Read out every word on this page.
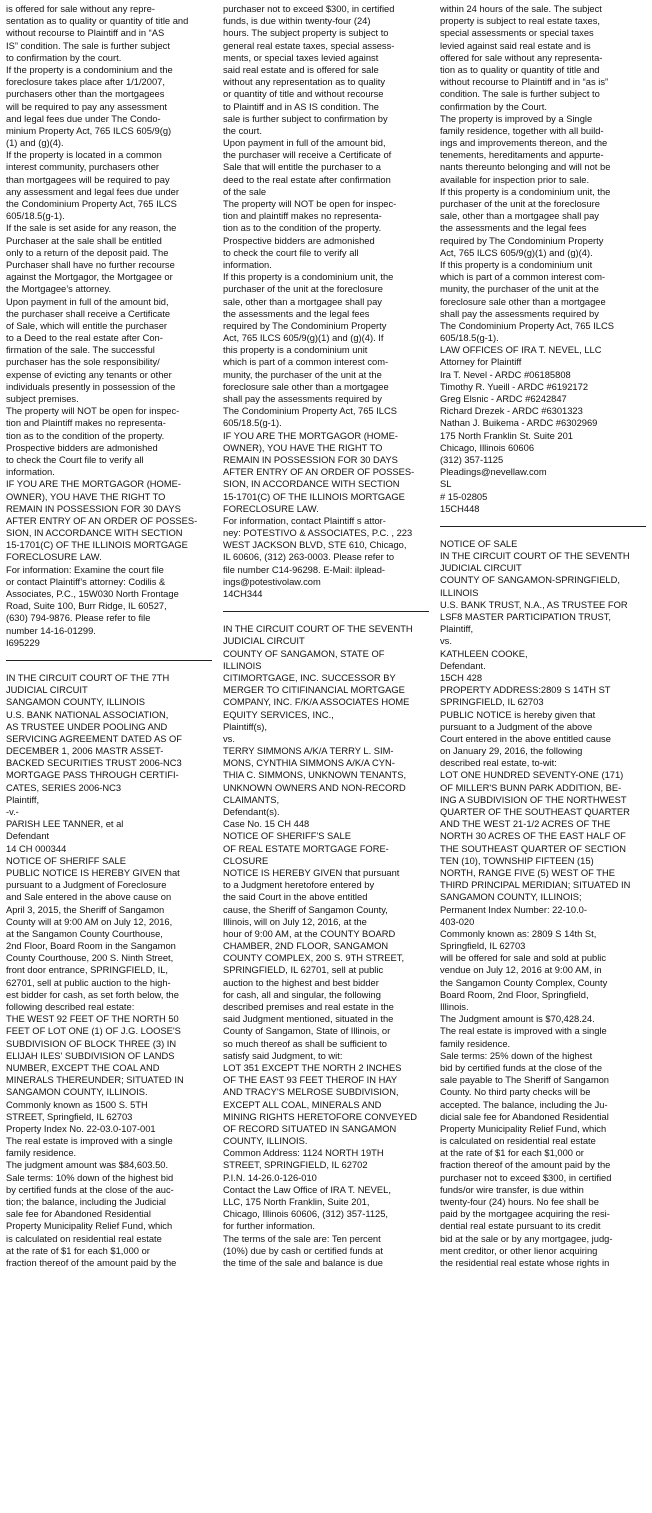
is offered for sale without any repre-
sentation as to quality or quantity of title and
without recourse to Plaintiff and in “AS
IS” condition. The sale is further subject
to confirmation by the court.
If the property is a condominium and the
foreclosure takes place after 1/1/2007,
purchasers other than the mortgagees
will be required to pay any assessment
and legal fees due under The Condo-
minium Property Act, 765 ILCS 605/9(g)
(1) and (g)(4).
If the property is located in a common
interest community, purchasers other
than mortgagees will be required to pay
any assessment and legal fees due under
the Condominium Property Act, 765 ILCS
605/18.5(g-1).
If the sale is set aside for any reason, the
Purchaser at the sale shall be entitled
only to a return of the deposit paid. The
Purchaser shall have no further recourse
against the Mortgagor, the Mortgagee or
the Mortgagee’s attorney.
Upon payment in full of the amount bid,
the purchaser shall receive a Certificate
of Sale, which will entitle the purchaser
to a Deed to the real estate after Con-
firmation of the sale. The successful
purchaser has the sole responsibility/
expense of evicting any tenants or other
individuals presently in possession of the
subject premises.
The property will NOT be open for inspec-
tion and Plaintiff makes no representa-
tion as to the condition of the property.
Prospective bidders are admonished
to check the Court file to verify all
information.
IF YOU ARE THE MORTGAGOR (HOME-
OWNER), YOU HAVE THE RIGHT TO
REMAIN IN POSSESSION FOR 30 DAYS
AFTER ENTRY OF AN ORDER OF POSSES-
SION, IN ACCORDANCE WITH SECTION
15-1701(C) OF THE ILLINOIS MORTGAGE
FORECLOSURE LAW.
For information: Examine the court file
or contact Plaintiff’s attorney: Codilis &
Associates, P.C., 15W030 North Frontage
Road, Suite 100, Burr Ridge, IL 60527,
(630) 794-9876. Please refer to file
number 14-16-01299.
I695229
IN THE CIRCUIT COURT OF THE 7TH
JUDICIAL CIRCUIT
SANGAMON COUNTY, ILLINOIS
U.S. BANK NATIONAL ASSOCIATION,
AS TRUSTEE UNDER POOLING AND
SERVICING AGREEMENT DATED AS OF
DECEMBER 1, 2006 MASTR ASSET-
BACKED SECURITIES TRUST 2006-NC3
MORTGAGE PASS THROUGH CERTIFI-
CATES, SERIES 2006-NC3
Plaintiff,
-v.-
PARISH LEE TANNER, et al
Defendant
14 CH 000344
NOTICE OF SHERIFF SALE
PUBLIC NOTICE IS HEREBY GIVEN that
pursuant to a Judgment of Foreclosure
and Sale entered in the above cause on
April 3, 2015, the Sheriff of Sangamon
County will at 9:00 AM on July 12, 2016,
at the Sangamon County Courthouse,
2nd Floor, Board Room in the Sangamon
County Courthouse, 200 S. Ninth Street,
front door entrance, SPRINGFIELD, IL,
62701, sell at public auction to the high-
est bidder for cash, as set forth below, the
following described real estate:
THE WEST 92 FEET OF THE NORTH 50
FEET OF LOT ONE (1) OF J.G. LOOSE'S
SUBDIVISION OF BLOCK THREE (3) IN
ELIJAH ILES' SUBDIVISION OF LANDS
NUMBER, EXCEPT THE COAL AND
MINERALS THEREUNDER; SITUATED IN
SANGAMON COUNTY, ILLINOIS.
Commonly known as 1500 S. 5TH
STREET, Springfield, IL 62703
Property Index No. 22-03.0-107-001
The real estate is improved with a single
family residence.
The judgment amount was $84,603.50.
Sale terms: 10% down of the highest bid
by certified funds at the close of the auc-
tion; the balance, including the Judicial
sale fee for Abandoned Residential
Property Municipality Relief Fund, which
is calculated on residential real estate
at the rate of $1 for each $1,000 or
fraction thereof of the amount paid by the
purchaser not to exceed $300, in certified
funds, is due within twenty-four (24)
hours. The subject property is subject to
general real estate taxes, special assess-
ments, or special taxes levied against
said real estate and is offered for sale
without any representation as to quality
or quantity of title and without recourse
to Plaintiff and in AS IS condition. The
sale is further subject to confirmation by
the court.
Upon payment in full of the amount bid,
the purchaser will receive a Certificate of
Sale that will entitle the purchaser to a
deed to the real estate after confirmation
of the sale
The property will NOT be open for inspec-
tion and plaintiff makes no representa-
tion as to the condition of the property.
Prospective bidders are admonished
to check the court file to verify all
information.
If this property is a condominium unit, the
purchaser of the unit at the foreclosure
sale, other than a mortgagee shall pay
the assessments and the legal fees
required by The Condominium Property
Act, 765 ILCS 605/9(g)(1) and (g)(4). If
this property is a condominium unit
which is part of a common interest com-
munity, the purchaser of the unit at the
foreclosure sale other than a mortgagee
shall pay the assessments required by
The Condominium Property Act, 765 ILCS
605/18.5(g-1).
IF YOU ARE THE MORTGAGOR (HOME-
OWNER), YOU HAVE THE RIGHT TO
REMAIN IN POSSESSION FOR 30 DAYS
AFTER ENTRY OF AN ORDER OF POSSES-
SION, IN ACCORDANCE WITH SECTION
15-1701(C) OF THE ILLINOIS MORTGAGE
FORECLOSURE LAW.
For information, contact Plaintiff s attor-
ney: POTESTIVO & ASSOCIATES, P.C. , 223
WEST JACKSON BLVD, STE 610, Chicago,
IL 60606, (312) 263-0003. Please refer to
file number C14-96298. E-Mail: ilplead-
ings@potestivolaw.com
14CH344
IN THE CIRCUIT COURT OF THE SEVENTH
JUDICIAL CIRCUIT
COUNTY OF SANGAMON, STATE OF
ILLINOIS
CITIMORTGAGE, INC. SUCCESSOR BY
MERGER TO CITIFINANCIAL MORTGAGE
COMPANY, INC. F/K/A ASSOCIATES HOME
EQUITY SERVICES, INC.,
Plaintiff(s),
vs.
TERRY SIMMONS A/K/A TERRY L. SIM-
MONS, CYNTHIA SIMMONS A/K/A CYN-
THIA C. SIMMONS, UNKNOWN TENANTS,
UNKNOWN OWNERS AND NON-RECORD
CLAIMANTS,
Defendant(s).
Case No. 15 CH 448
NOTICE OF SHERIFF'S SALE
OF REAL ESTATE MORTGAGE FORE-
CLOSURE
NOTICE IS HEREBY GIVEN that pursuant
to a Judgment heretofore entered by
the said Court in the above entitled
cause, the Sheriff of Sangamon County,
Illinois, will on July 12, 2016, at the
hour of 9:00 AM, at the COUNTY BOARD
CHAMBER, 2ND FLOOR, SANGAMON
COUNTY COMPLEX, 200 S. 9TH STREET,
SPRINGFIELD, IL 62701, sell at public
auction to the highest and best bidder
for cash, all and singular, the following
described premises and real estate in the
said Judgment mentioned, situated in the
County of Sangamon, State of Illinois, or
so much thereof as shall be sufficient to
satisfy said Judgment, to wit:
LOT 351 EXCEPT THE NORTH 2 INCHES
OF THE EAST 93 FEET THEROF IN HAY
AND TRACY'S MELROSE SUBDIVISION,
EXCEPT ALL COAL, MINERALS AND
MINING RIGHTS HERETOFORE CONVEYED
OF RECORD SITUATED IN SANGAMON
COUNTY, ILLINOIS.
Common Address: 1124 NORTH 19TH
STREET, SPRINGFIELD, IL 62702
P.I.N. 14-26.0-126-010
Contact the Law Office of IRA T. NEVEL,
LLC, 175 North Franklin, Suite 201,
Chicago, Illinois 60606, (312) 357-1125,
for further information.
The terms of the sale are: Ten percent
(10%) due by cash or certified funds at
the time of the sale and balance is due
within 24 hours of the sale. The subject
property is subject to real estate taxes,
special assessments or special taxes
levied against said real estate and is
offered for sale without any representa-
tion as to quality or quantity of title and
without recourse to Plaintiff and in “as is”
condition. The sale is further subject to
confirmation by the Court.
The property is improved by a Single
family residence, together with all build-
ings and improvements thereon, and the
tenements, hereditaments and appurte-
nants thereunto belonging and will not be
available for inspection prior to sale.
If this property is a condominium unit, the
purchaser of the unit at the foreclosure
sale, other than a mortgagee shall pay
the assessments and the legal fees
required by The Condominium Property
Act, 765 ILCS 605/9(g)(1) and (g)(4).
If this property is a condominium unit
which is part of a common interest com-
munity, the purchaser of the unit at the
foreclosure sale other than a mortgagee
shall pay the assessments required by
The Condominium Property Act, 765 ILCS
605/18.5(g-1).
LAW OFFICES OF IRA T. NEVEL, LLC
Attorney for Plaintiff
Ira T. Nevel - ARDC #06185808
Timothy R. Yueill - ARDC #6192172
Greg Elsnic - ARDC #6242847
Richard Drezek - ARDC #6301323
Nathan J. Buikema - ARDC #6302969
175 North Franklin St. Suite 201
Chicago, Illinois 60606
(312) 357-1125
Pleadings@nevellaw.com
SL
# 15-02805
15CH448
NOTICE OF SALE
IN THE CIRCUIT COURT OF THE SEVENTH
JUDICIAL CIRCUIT
COUNTY OF SANGAMON-SPRINGFIELD,
ILLINOIS
U.S. BANK TRUST, N.A., AS TRUSTEE FOR
LSF8 MASTER PARTICIPATION TRUST,
Plaintiff,
vs.
KATHLEEN COOKE,
Defendant.
15CH 428
PROPERTY ADDRESS:2809 S 14TH ST
SPRINGFIELD, IL 62703
PUBLIC NOTICE is hereby given that
pursuant to a Judgment of the above
Court entered in the above entitled cause
on January 29, 2016, the following
described real estate, to-wit:
LOT ONE HUNDRED SEVENTY-ONE (171)
OF MILLER'S BUNN PARK ADDITION, BE-
ING A SUBDIVISION OF THE NORTHWEST
QUARTER OF THE SOUTHEAST QUARTER
AND THE WEST 21-1/2 ACRES OF THE
NORTH 30 ACRES OF THE EAST HALF OF
THE SOUTHEAST QUARTER OF SECTION
TEN (10), TOWNSHIP FIFTEEN (15)
NORTH, RANGE FIVE (5) WEST OF THE
THIRD PRINCIPAL MERIDIAN; SITUATED IN
SANGAMON COUNTY, ILLINOIS;
Permanent Index Number: 22-10.0-
403-020
Commonly known as: 2809 S 14th St,
Springfield, IL 62703
will be offered for sale and sold at public
vendue on July 12, 2016 at 9:00 AM, in
the Sangamon County Complex, County
Board Room, 2nd Floor, Springfield,
Illinois.
The Judgment amount is $70,428.24.
The real estate is improved with a single
family residence.
Sale terms: 25% down of the highest
bid by certified funds at the close of the
sale payable to The Sheriff of Sangamon
County. No third party checks will be
accepted. The balance, including the Ju-
dicial sale fee for Abandoned Residential
Property Municipality Relief Fund, which
is calculated on residential real estate
at the rate of $1 for each $1,000 or
fraction thereof of the amount paid by the
purchaser not to exceed $300, in certified
funds/or wire transfer, is due within
twenty-four (24) hours. No fee shall be
paid by the mortgagee acquiring the resi-
dential real estate pursuant to its credit
bid at the sale or by any mortgagee, judg-
ment creditor, or other lienor acquiring
the residential real estate whose rights in
